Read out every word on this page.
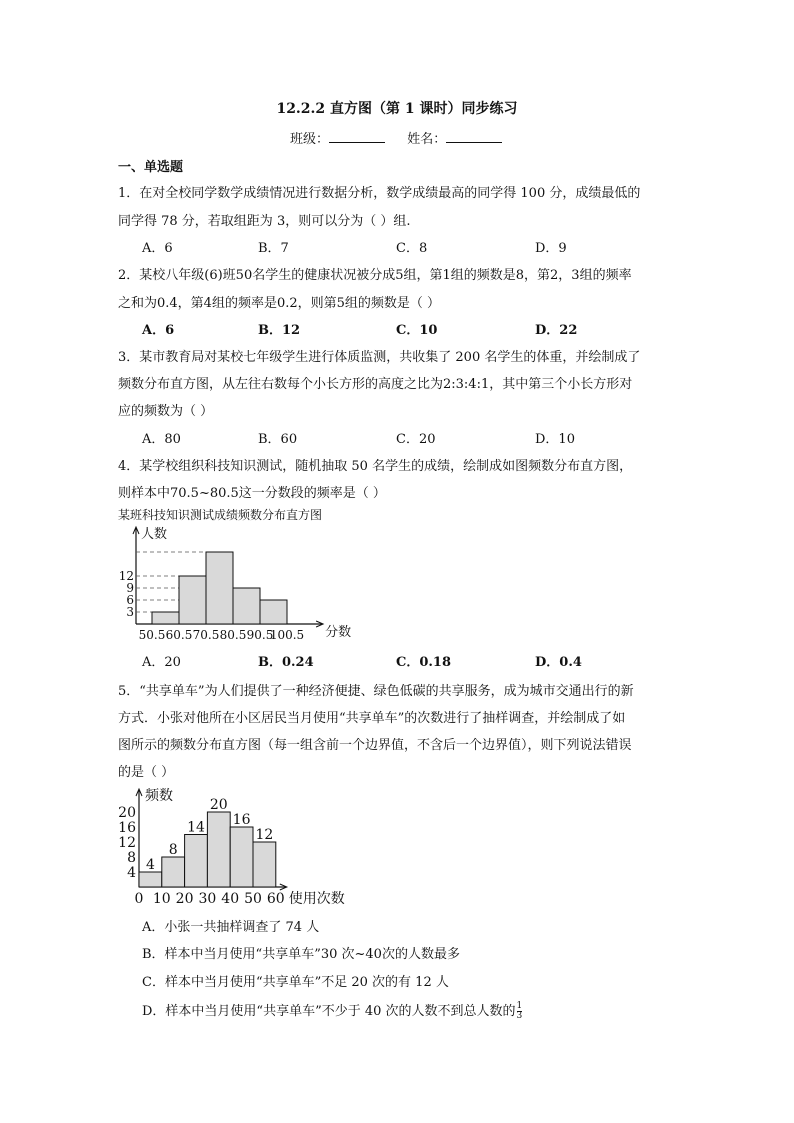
12.2.2 直方图（第 1 课时）同步练习
班级：	姓名：
一、单选题
1．在对全校同学数学成绩情况进行数据分析，数学成绩最高的同学得 100 分，成绩最低的
同学得 78 分，若取组距为 3，则可以分为（ ）组.
A．6	B．7	C．8	D．9
2．某校八年级(6)班50名学生的健康状况被分成5组，第1组的频数是8，第2，3组的频率
之和为0.4，第4组的频率是0.2，则第5组的频数是（ ）
A．6	B．12	C．10	D．22
3．某市教育局对某校七年级学生进行体质监测，共收集了 200 名学生的体重，并绘制成了
频数分布直方图，从左往右数每个小长方形的高度之比为2:3:4:1，其中第三个小长方形对
应的频数为（ ）
A．80	B．60	C．20	D．10
4．某学校组织科技知识测试，随机抽取 50 名学生的成绩，绘制成如图频数分布直方图，
则样本中70.5~80.5这一分数段的频率是（ ）
某班科技知识测试成绩频数分布直方图
人数
分数
3
6
9
12
50.5 60.5 70.5 80.5 90.5
100.5
A．20	B．0.24	C．0.18	D．0.4
5．“共享单车”为人们提供了一种经济便捷、绿色低碳的共享服务，成为城市交通出行的新
方式．小张对他所在小区居民当月使用“共享单车”的次数进行了抽样调查，并绘制成了如
图所示的频数分布直方图（每一组含前一个边界值，不含后一个边界值），则下列说法错误
的是（ ）
频数
使用次数
4
8
14
20
16
12
4
8
12
16
20
0 10 20 30 40 50 60
A．小张一共抽样调查了 74 人
B．样本中当月使用“共享单车”30 次~40次的人数最多
C．样本中当月使用“共享单车”不足 20 次的有 12 人
D．样本中当月使用“共享单车”不少于 40 次的人数不到总人数的 $\frac{1}{3}$
